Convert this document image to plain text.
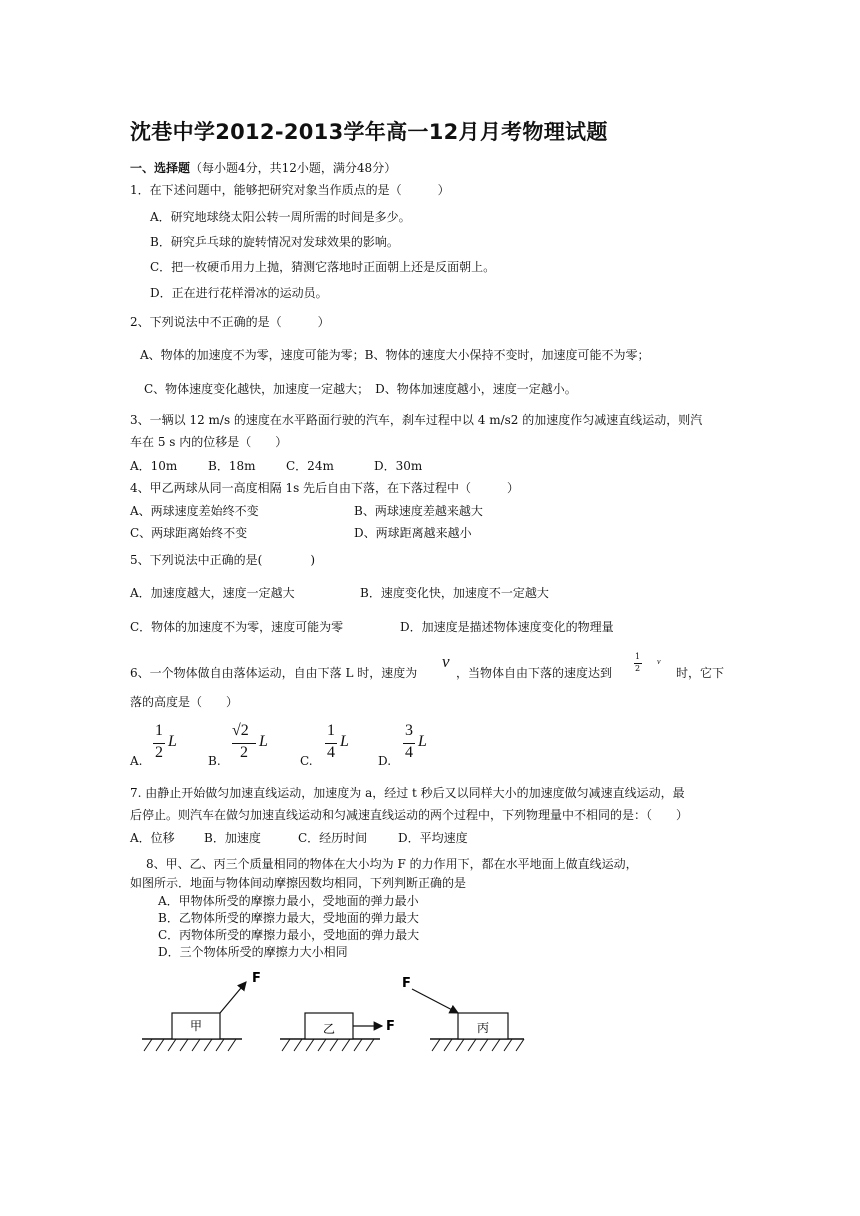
沈巷中学2012-2013学年高一12月月考物理试题
一、选择题（每小题4分，共12小题，满分48分）
1．在下述问题中，能够把研究对象当作质点的是（　　　）
A．研究地球绕太阳公转一周所需的时间是多少。
B．研究乒乓球的旋转情况对发球效果的影响。
C．把一枚硬币用力上抛，猜测它落地时正面朝上还是反面朝上。
D．正在进行花样滑冰的运动员。
2、下列说法中不正确的是（　　　）
A、物体的加速度不为零，速度可能为零；B、物体的速度大小保持不变时，加速度可能不为零；
C、物体速度变化越快，加速度一定越大；　D、物体加速度越小，速度一定越小。
3、一辆以 12 m/s 的速度在水平路面行驶的汽车，刹车过程中以 4 m/s2 的加速度作匀减速直线运动，则汽
车在 5 s 内的位移是（　　）
A．10m	B．18m	C．24m	D．30m
4、甲乙两球从同一高度相隔 1s 先后自由下落，在下落过程中（　　　）
A、两球速度差始终不变	B、两球速度差越来越大
C、两球距离始终不变	D、两球距离越来越小
5、下列说法中正确的是(　　　　)
A．加速度越大，速度一定越大	B．速度变化快，加速度不一定越大
C．物体的加速度不为零，速度可能为零	D．加速度是描述物体速度变化的物理量
6、一个物体做自由落体运动，自由下落 L 时，速度为
v
，当物体自由下落的速度达到
1
2
v
时，它下
落的高度是（　　）
A.
1
2
L
B.
√2
2
L
C.
1
4
L
D.
3
4
L
7. 由静止开始做匀加速直线运动，加速度为 a，经过 t 秒后又以同样大小的加速度做匀减速直线运动，最
后停止。则汽车在做匀加速直线运动和匀减速直线运动的两个过程中，下列物理量中不相同的是：（　　）
A．位移 B．加速度	C．经历时间	D．平均速度
8、甲、乙、丙三个质量相同的物体在大小均为 F 的力作用下，都在水平地面上做直线运动，
如图所示．地面与物体间动摩擦因数均相同，下列判断正确的是
A．甲物体所受的摩擦力最小，受地面的弹力最小
B．乙物体所受的摩擦力最大，受地面的弹力最大
C．丙物体所受的摩擦力最小，受地面的弹力最大
D．三个物体所受的摩擦力大小相同
甲
F
乙	F	丙
F
